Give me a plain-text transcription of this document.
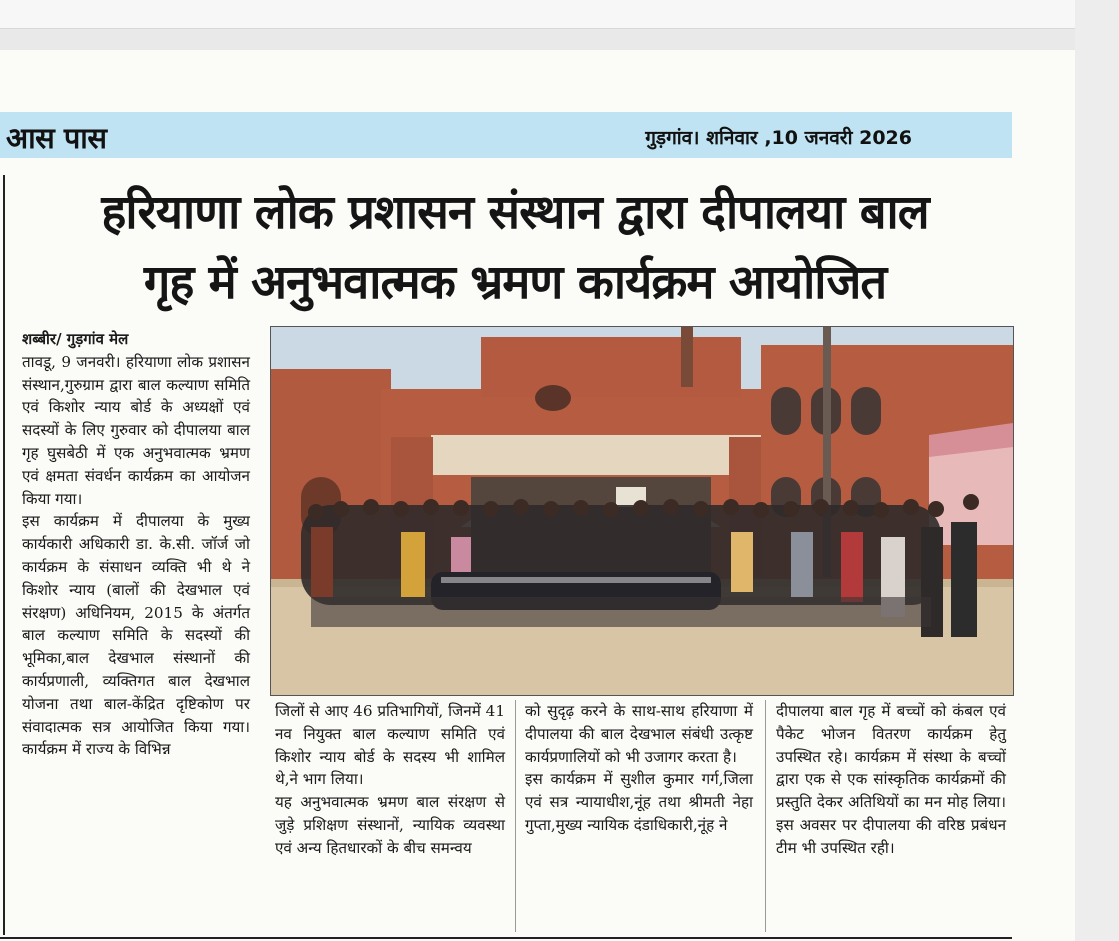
आस पास	गुड़गांव। शनिवार ,10 जनवरी 2026
हरियाणा लोक प्रशासन संस्थान द्वारा दीपालया बाल
गृह में अनुभवात्मक भ्रमण कार्यक्रम आयोजित

शब्बीर/ गुड़गांव मेल

तावडू, 9 जनवरी। हरियाणा लोक प्रशासन संस्थान,गुरुग्राम द्वारा बाल कल्याण समिति एवं किशोर न्याय बोर्ड के अध्यक्षों एवं सदस्यों के लिए गुरुवार को दीपालया बाल गृह घुसबेठी में एक अनुभवात्मक भ्रमण एवं क्षमता संवर्धन कार्यक्रम का आयोजन किया गया।

इस कार्यक्रम में दीपालया के मुख्य कार्यकारी अधिकारी डा. के.सी. जॉर्ज जो कार्यक्रम के संसाधन व्यक्ति भी थे ने किशोर न्याय (बालों की देखभाल एवं संरक्षण) अधिनियम, 2015 के अंतर्गत बाल कल्याण समिति के सदस्यों की भूमिका,बाल देखभाल संस्थानों की कार्यप्रणाली, व्यक्तिगत बाल देखभाल योजना तथा बाल-केंद्रित दृष्टिकोण पर संवादात्मक सत्र आयोजित किया गया। कार्यक्रम में राज्य के विभिन्न

जिलों से आए 46 प्रतिभागियों, जिनमें 41 नव नियुक्त बाल कल्याण समिति एवं किशोर न्याय बोर्ड के सदस्य भी शामिल थे,ने भाग लिया।

यह अनुभवात्मक भ्रमण बाल संरक्षण से जुड़े प्रशिक्षण संस्थानों, न्यायिक व्यवस्था एवं अन्य हितधारकों के बीच समन्वय

को सुदृढ़ करने के साथ-साथ हरियाणा में दीपालया की बाल देखभाल संबंधी उत्कृष्ट कार्यप्रणालियों को भी उजागर करता है।

इस कार्यक्रम में सुशील कुमार गर्ग,जिला एवं सत्र न्यायाधीश,नूंह तथा श्रीमती नेहा गुप्ता,मुख्य न्यायिक दंडाधिकारी,नूंह ने

दीपालया बाल गृह में बच्चों को कंबल एवं पैकेट भोजन वितरण कार्यक्रम हेतु उपस्थित रहे। कार्यक्रम में संस्था के बच्चों द्वारा एक से एक सांस्कृतिक कार्यक्रमों की प्रस्तुति देकर अतिथियों का मन मोह लिया। इस अवसर पर दीपालया की वरिष्ठ प्रबंधन टीम भी उपस्थित रही।
